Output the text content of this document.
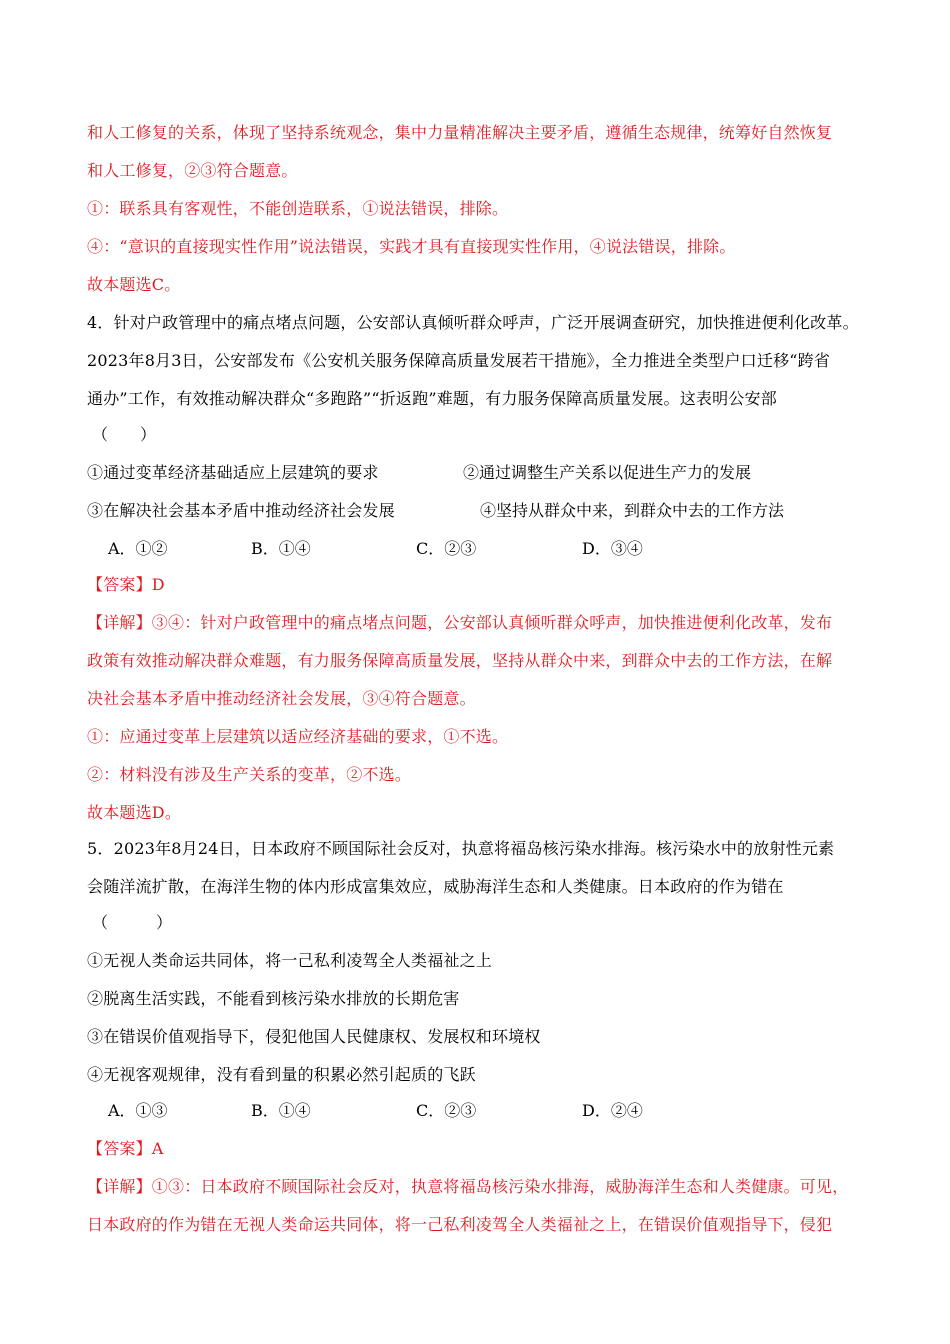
和人工修复的关系，体现了坚持系统观念，集中力量精准解决主要矛盾，遵循生态规律，统筹好自然恢复
和人工修复，②③符合题意。
①：联系具有客观性，不能创造联系，①说法错误，排除。
④：“意识的直接现实性作用”说法错误，实践才具有直接现实性作用，④说法错误，排除。
故本题选C。
4．针对户政管理中的痛点堵点问题，公安部认真倾听群众呼声，广泛开展调查研究，加快推进便利化改革。
2023年8月3日，公安部发布《公安机关服务保障高质量发展若干措施》，全力推进全类型户口迁移“跨省
通办”工作，有效推动解决群众“多跑路”“折返跑”难题，有力服务保障高质量发展。这表明公安部
（　　）
①通过变革经济基础适应上层建筑的要求	②通过调整生产关系以促进生产力的发展
③在解决社会基本矛盾中推动经济社会发展	④坚持从群众中来，到群众中去的工作方法
A．①②	B．①④	C．②③	D．③④
【答案】D
【详解】③④：针对户政管理中的痛点堵点问题，公安部认真倾听群众呼声，加快推进便利化改革，发布
政策有效推动解决群众难题，有力服务保障高质量发展，坚持从群众中来，到群众中去的工作方法，在解
决社会基本矛盾中推动经济社会发展，③④符合题意。
①：应通过变革上层建筑以适应经济基础的要求，①不选。
②：材料没有涉及生产关系的变革，②不选。
故本题选D。
5．2023年8月24日，日本政府不顾国际社会反对，执意将福岛核污染水排海。核污染水中的放射性元素
会随洋流扩散，在海洋生物的体内形成富集效应，威胁海洋生态和人类健康。日本政府的作为错在
（　　　）
①无视人类命运共同体，将一己私利凌驾全人类福祉之上
②脱离生活实践，不能看到核污染水排放的长期危害
③在错误价值观指导下，侵犯他国人民健康权、发展权和环境权
④无视客观规律，没有看到量的积累必然引起质的飞跃
A．①③	B．①④	C．②③	D．②④
【答案】A
【详解】①③：日本政府不顾国际社会反对，执意将福岛核污染水排海，威胁海洋生态和人类健康。可见，
日本政府的作为错在无视人类命运共同体，将一己私利凌驾全人类福祉之上，在错误价值观指导下，侵犯
